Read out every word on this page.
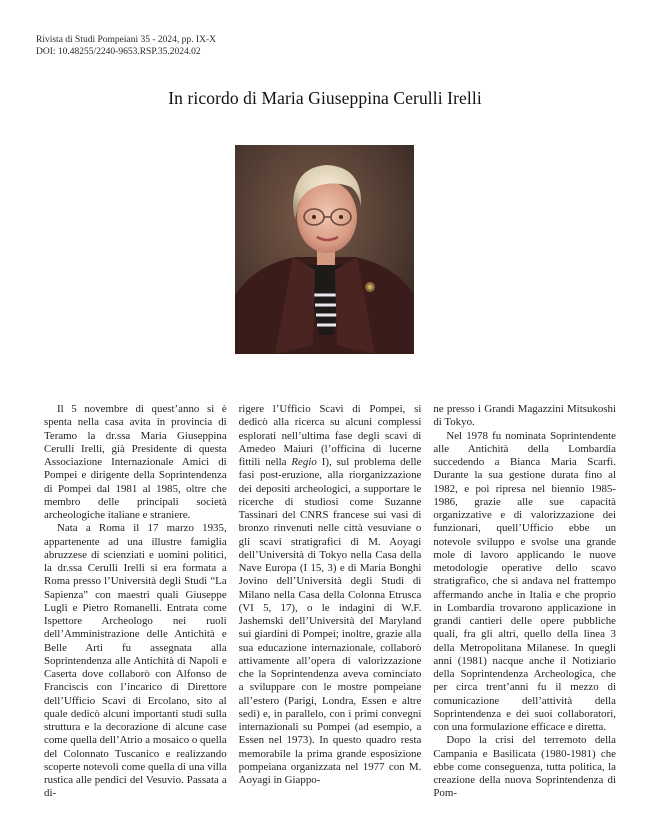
Rivista di Studi Pompeiani 35 - 2024, pp. IX-X
DOI: 10.48255/2240-9653.RSP.35.2024.02
In ricordo di Maria Giuseppina Cerulli Irelli

Il 5 novembre di quest’anno si è spenta nella casa avita in provincia di Teramo la dr.ssa Maria Giuseppina Cerulli Irelli, già Presidente di questa Associazione Internazionale Amici di Pompei e dirigente della Soprintendenza di Pompei dal 1981 al 1985, oltre che membro delle principali società archeologiche italiane e straniere.

Nata a Roma il 17 marzo 1935, appartenente ad una illustre famiglia abruzzese di scienziati e uomini politici, la dr.ssa Cerulli Irelli si era formata a Roma presso l’Università degli Studi “La Sapienza” con maestri quali Giuseppe Lugli e Pietro Romanelli. Entrata come Ispettore Archeologo nei ruoli dell’Amministrazione delle Antichità e Belle Arti fu assegnata alla Soprintendenza alle Antichità di Napoli e Caserta dove collaborò con Alfonso de Franciscis con l’incarico di Direttore dell’Ufficio Scavi di Ercolano, sito al quale dedicò alcuni importanti studi sulla struttura e la decorazione di alcune case come quella dell’Atrio a mosaico o quella del Colonnato Tuscanico e realizzando scoperte notevoli come quella di una villa rustica alle pendici del Vesuvio. Passata a di-

rigere l’Ufficio Scavi di Pompei, si dedicò alla ricerca su alcuni complessi esplorati nell’ultima fase degli scavi di Amedeo Maiuri (l’officina di lucerne fittili nella Regio I), sul problema delle fasi post-eruzione, alla riorganizzazione dei depositi archeologici, a supportare le ricerche di studiosi come Suzanne Tassinari del CNRS francese sui vasi di bronzo rinvenuti nelle città vesuviane o gli scavi stratigrafici di M. Aoyagi dell’Università di Tokyo nella Casa della Nave Europa (I 15, 3) e di Maria Bonghi Jovino dell’Università degli Studi di Milano nella Casa della Colonna Etrusca (VI 5, 17), o le indagini di W.F. Jashemski dell’Università del Maryland sui giardini di Pompei; inoltre, grazie alla sua educazione internazionale, collaborò attivamente all’opera di valorizzazione che la Soprintendenza aveva cominciato a sviluppare con le mostre pompeiane all’estero (Parigi, Londra, Essen e altre sedi) e, in parallelo, con i primi convegni internazionali su Pompei (ad esempio, a Essen nel 1973). In questo quadro resta memorabile la prima grande esposizione pompeiana organizzata nel 1977 con M. Aoyagi in Giappo-

ne presso i Grandi Magazzini Mitsukoshi di Tokyo.

Nel 1978 fu nominata Soprintendente alle Antichità della Lombardia succedendo a Bianca Maria Scarfì. Durante la sua gestione durata fino al 1982, e poi ripresa nel biennio 1985-1986, grazie alle sue capacità organizzative e di valorizzazione dei funzionari, quell’Ufficio ebbe un notevole sviluppo e svolse una grande mole di lavoro applicando le nuove metodologie operative dello scavo stratigrafico, che si andava nel frattempo affermando anche in Italia e che proprio in Lombardia trovarono applicazione in grandi cantieri delle opere pubbliche quali, fra gli altri, quello della linea 3 della Metropolitana Milanese. In quegli anni (1981) nacque anche il Notiziario della Soprintendenza Archeologica, che per circa trent’anni fu il mezzo di comunicazione dell’attività della Soprintendenza e dei suoi collaboratori, con una formulazione efficace e diretta.

Dopo la crisi del terremoto della Campania e Basilicata (1980-1981) che ebbe come conseguenza, tutta politica, la creazione della nuova Soprintendenza di Pom-
